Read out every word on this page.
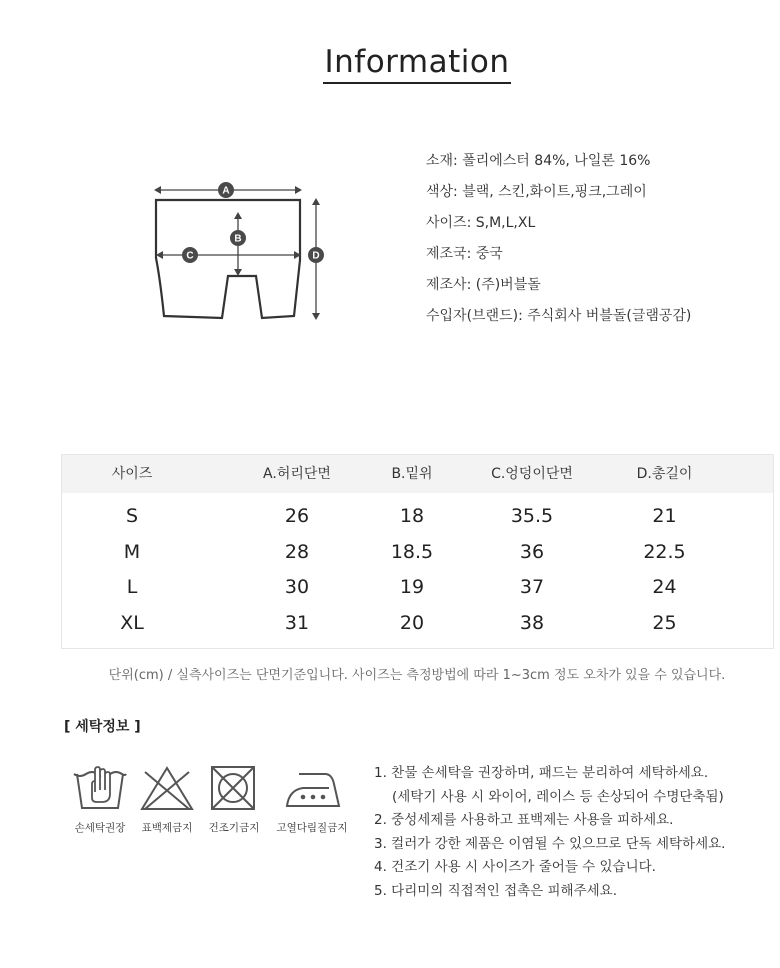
Information
A
B
C	D
소재: 폴리에스터 84%, 나일론 16%
색상: 블랙, 스킨,화이트,핑크,그레이
사이즈: S,M,L,XL
제조국: 중국
제조사: (주)버블돌
수입자(브랜드): 주식회사 버블돌(글램공감)
사이즈	A.허리단면	B.밑위	C.엉덩이단면	D.총길이
S	26	18	35.5	21
M	28	18.5	36	22.5
L	30	19	37	24
XL	31	20	38	25
단위(cm) / 실측사이즈는 단면기준입니다. 사이즈는 측정방법에 따라 1~3cm 정도 오차가 있을 수 있습니다.
[ 세탁정보 ]
손세탁권장	표백제금지	건조기금지	고열다림질금지
1. 찬물 손세탁을 권장하며, 패드는 분리하여 세탁하세요.
(세탁기 사용 시 와이어, 레이스 등 손상되어 수명단축됨)
2. 중성세제를 사용하고 표백제는 사용을 피하세요.
3. 컬러가 강한 제품은 이염될 수 있으므로 단독 세탁하세요.
4. 건조기 사용 시 사이즈가 줄어들 수 있습니다.
5. 다리미의 직접적인 접촉은 피해주세요.
